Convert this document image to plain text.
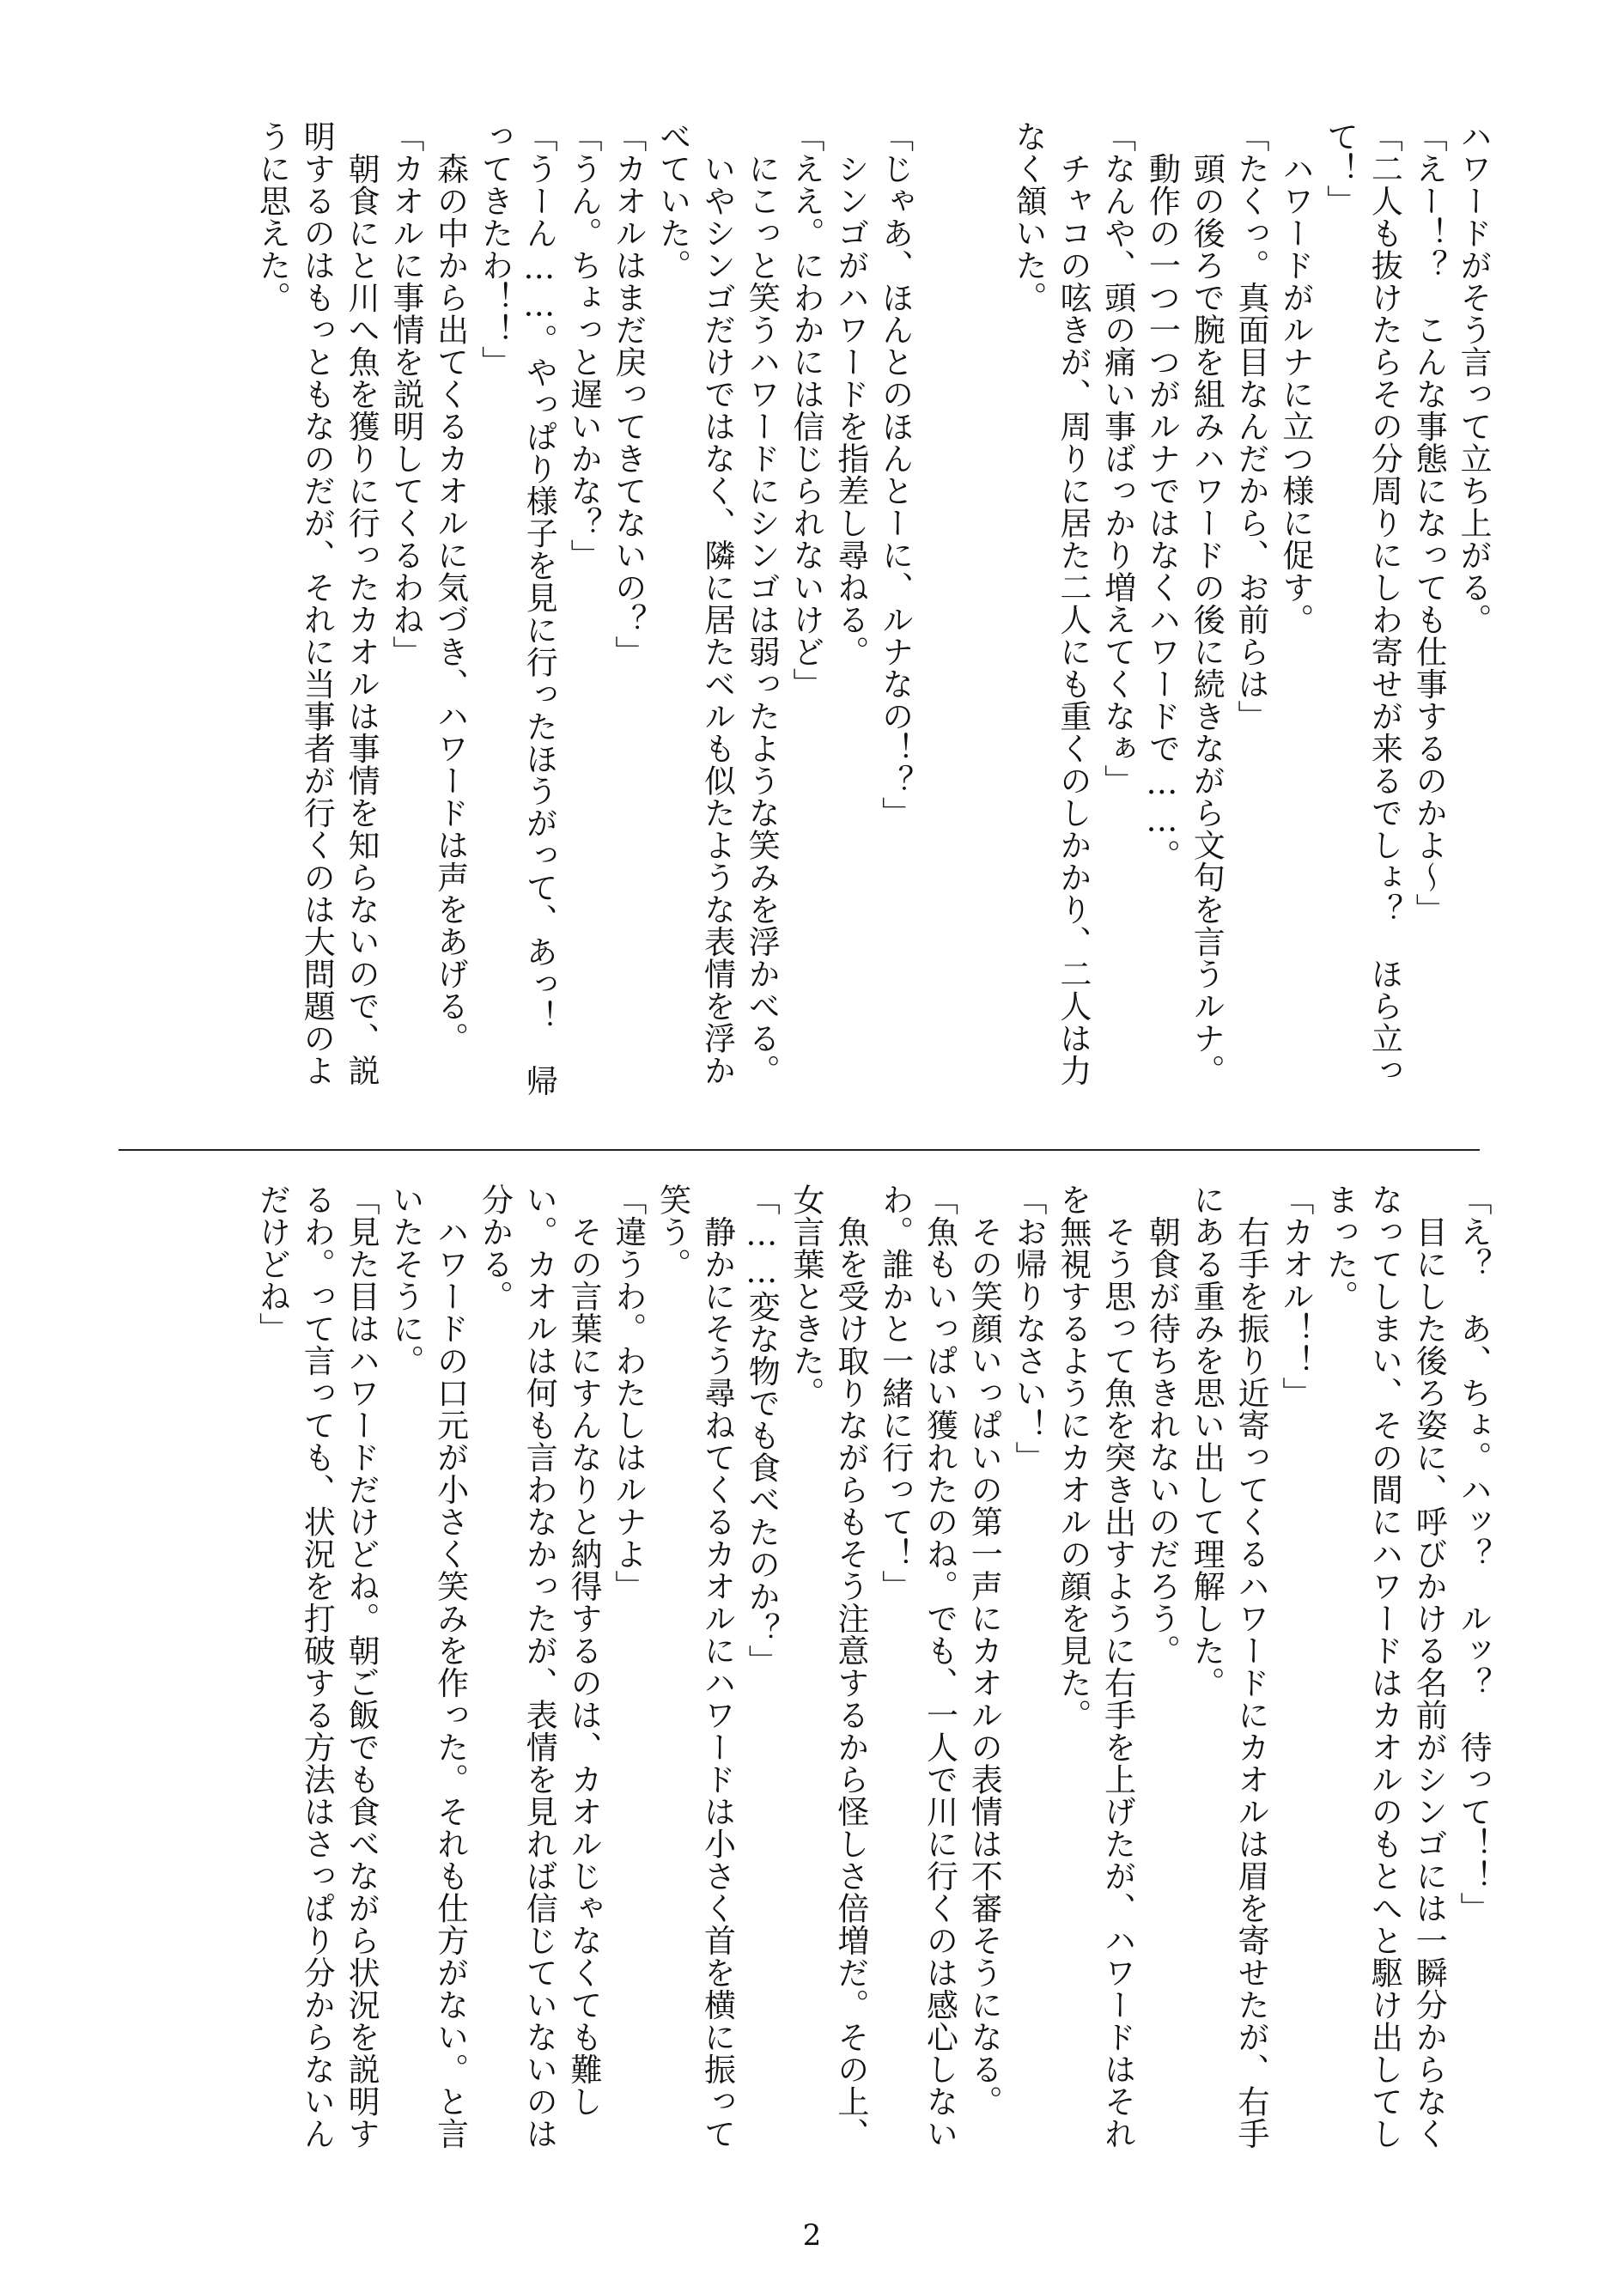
ハワードがそう言って立ち上がる。

「えー！？　こんな事態になっても仕事するのかよ～」

「二人も抜けたらその分周りにしわ寄せが来るでしょ？　ほら立っ

て！」

　ハワードがルナに立つ様に促す。

「たくっ。真面目なんだから、お前らは」

　頭の後ろで腕を組みハワードの後に続きながら文句を言うルナ。

　動作の一つ一つがルナではなくハワードで……。

「なんや、頭の痛い事ばっかり増えてくなぁ」

　チャコの呟きが、周りに居た二人にも重くのしかかり、二人は力

なく頷いた。

「じゃあ、ほんとのほんとーに、ルナなの！？」

　シンゴがハワードを指差し尋ねる。

「ええ。にわかには信じられないけど」

　にこっと笑うハワードにシンゴは弱ったような笑みを浮かべる。

　いやシンゴだけではなく、隣に居たベルも似たような表情を浮か

べていた。

「カオルはまだ戻ってきてないの？」

「うん。ちょっと遅いかな？」

「うーん……。やっぱり様子を見に行ったほうがって、あっ！　帰

ってきたわ！！」

　森の中から出てくるカオルに気づき、ハワードは声をあげる。

「カオルに事情を説明してくるわね」

　朝食にと川へ魚を獲りに行ったカオルは事情を知らないので、説

明するのはもっともなのだが、それに当事者が行くのは大問題のよ

うに思えた。

「え？　あ、ちょ。ハッ？　ルッ？　待って！！」

　目にした後ろ姿に、呼びかける名前がシンゴには一瞬分からなく

なってしまい、その間にハワードはカオルのもとへと駆け出してし

まった。

「カオル！！」

　右手を振り近寄ってくるハワードにカオルは眉を寄せたが、右手

にある重みを思い出して理解した。

　朝食が待ちきれないのだろう。

　そう思って魚を突き出すように右手を上げたが、ハワードはそれ

を無視するようにカオルの顔を見た。

「お帰りなさい！」

　その笑顔いっぱいの第一声にカオルの表情は不審そうになる。

「魚もいっぱい獲れたのね。でも、一人で川に行くのは感心しない

わ。誰かと一緒に行って！」

　魚を受け取りながらもそう注意するから怪しさ倍増だ。その上、

女言葉ときた。

「……変な物でも食べたのか？」

　静かにそう尋ねてくるカオルにハワードは小さく首を横に振って

笑う。

「違うわ。わたしはルナよ」

　その言葉にすんなりと納得するのは、カオルじゃなくても難し

い。カオルは何も言わなかったが、表情を見れば信じていないのは

分かる。

　ハワードの口元が小さく笑みを作った。それも仕方がない。と言

いたそうに。

「見た目はハワードだけどね。朝ご飯でも食べながら状況を説明す

るわ。って言っても、状況を打破する方法はさっぱり分からないん

だけどね」

2
